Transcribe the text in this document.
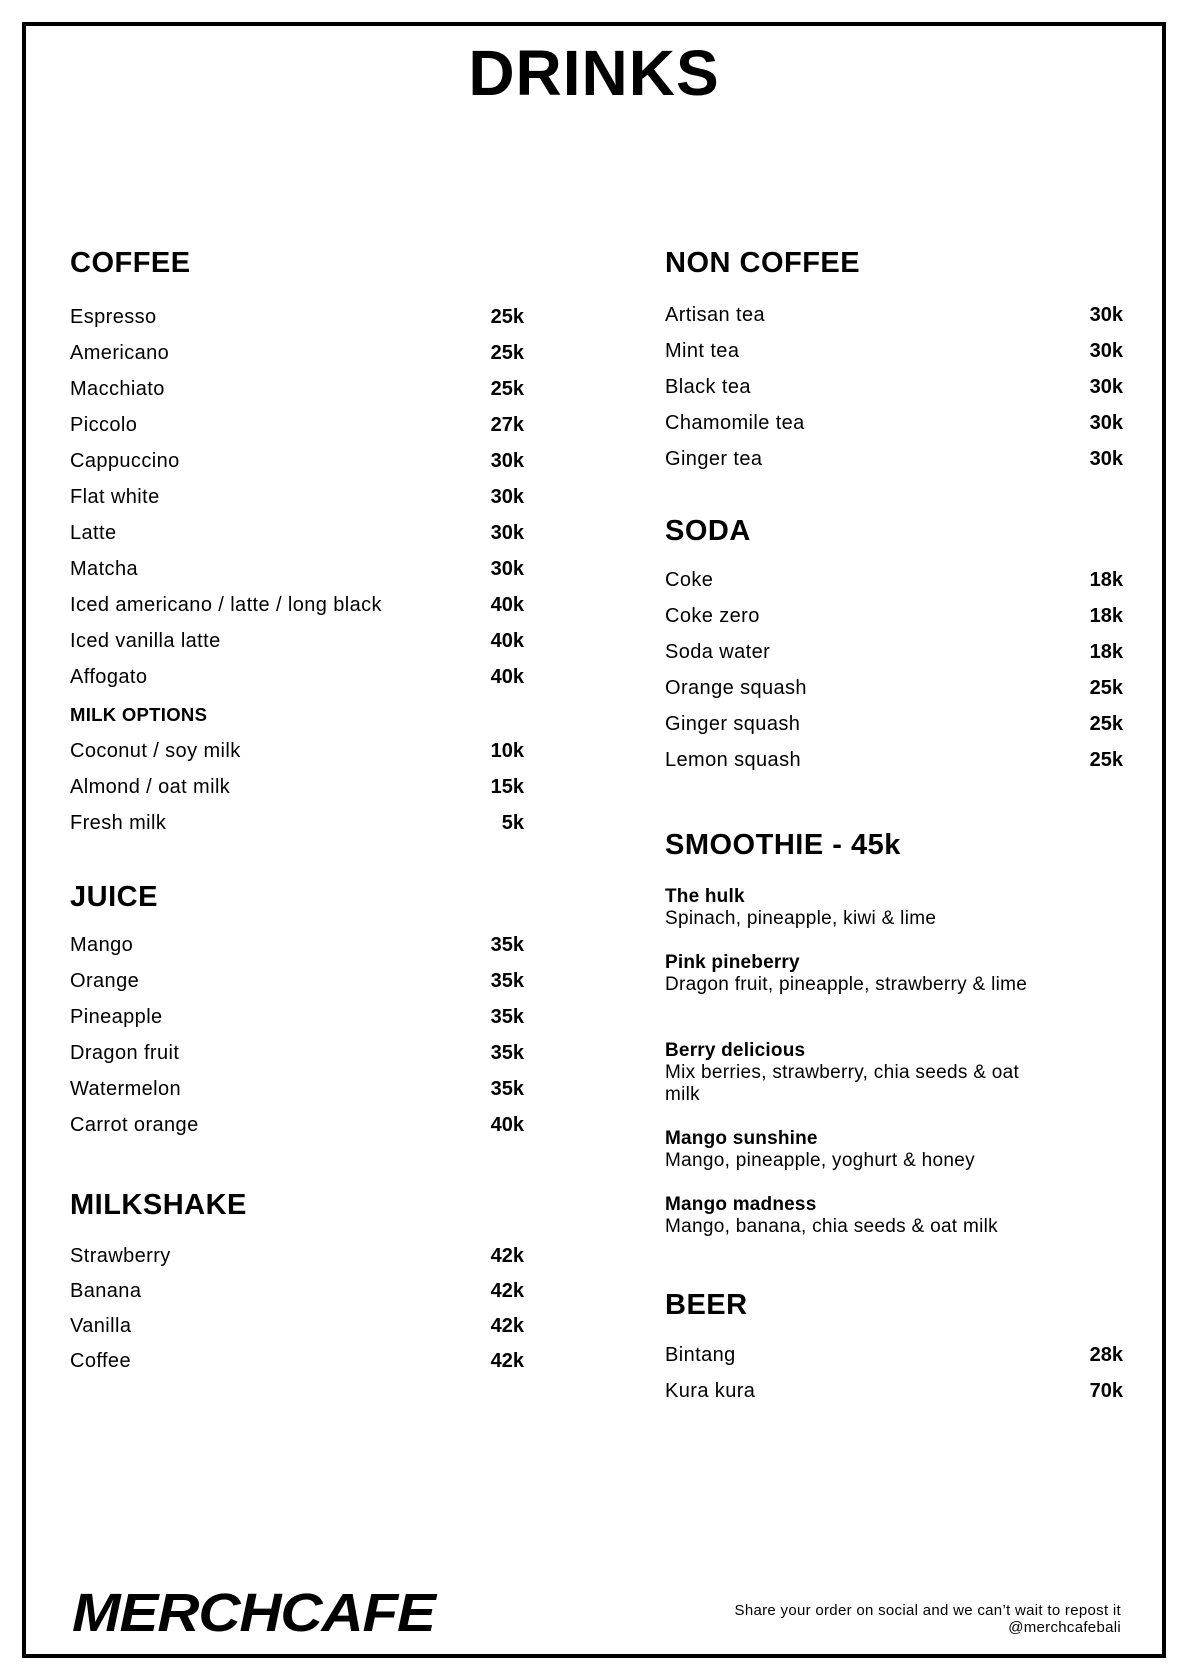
DRINKS
COFFEE
Espresso	25k
Americano	25k
Macchiato	25k
Piccolo	27k
Cappuccino	30k
Flat white	30k
Latte	30k
Matcha	30k
Iced americano / latte / long black	40k
Iced vanilla latte	40k
Affogato	40k
MILK OPTIONS
Coconut / soy milk	10k
Almond / oat milk	15k
Fresh milk	5k
JUICE
Mango	35k
Orange	35k
Pineapple	35k
Dragon fruit	35k
Watermelon	35k
Carrot orange	40k
MILKSHAKE
Strawberry	42k
Banana	42k
Vanilla	42k
Coffee	42k
NON COFFEE
Artisan tea	30k
Mint tea	30k
Black tea	30k
Chamomile tea	30k
Ginger tea	30k
SODA
Coke	18k
Coke zero	18k
Soda water	18k
Orange squash	25k
Ginger squash	25k
Lemon squash	25k
SMOOTHIE - 45k
The hulk
Spinach, pineapple, kiwi & lime
Pink pineberry
Dragon fruit, pineapple, strawberry & lime
Berry delicious
Mix berries, strawberry, chia seeds & oat milk
Mango sunshine
Mango, pineapple, yoghurt & honey
Mango madness
Mango, banana, chia seeds & oat milk
BEER
Bintang	28k
Kura kura	70k
MERCHCAFE	Share your order on social and we can’t wait to repost it
@merchcafebali
